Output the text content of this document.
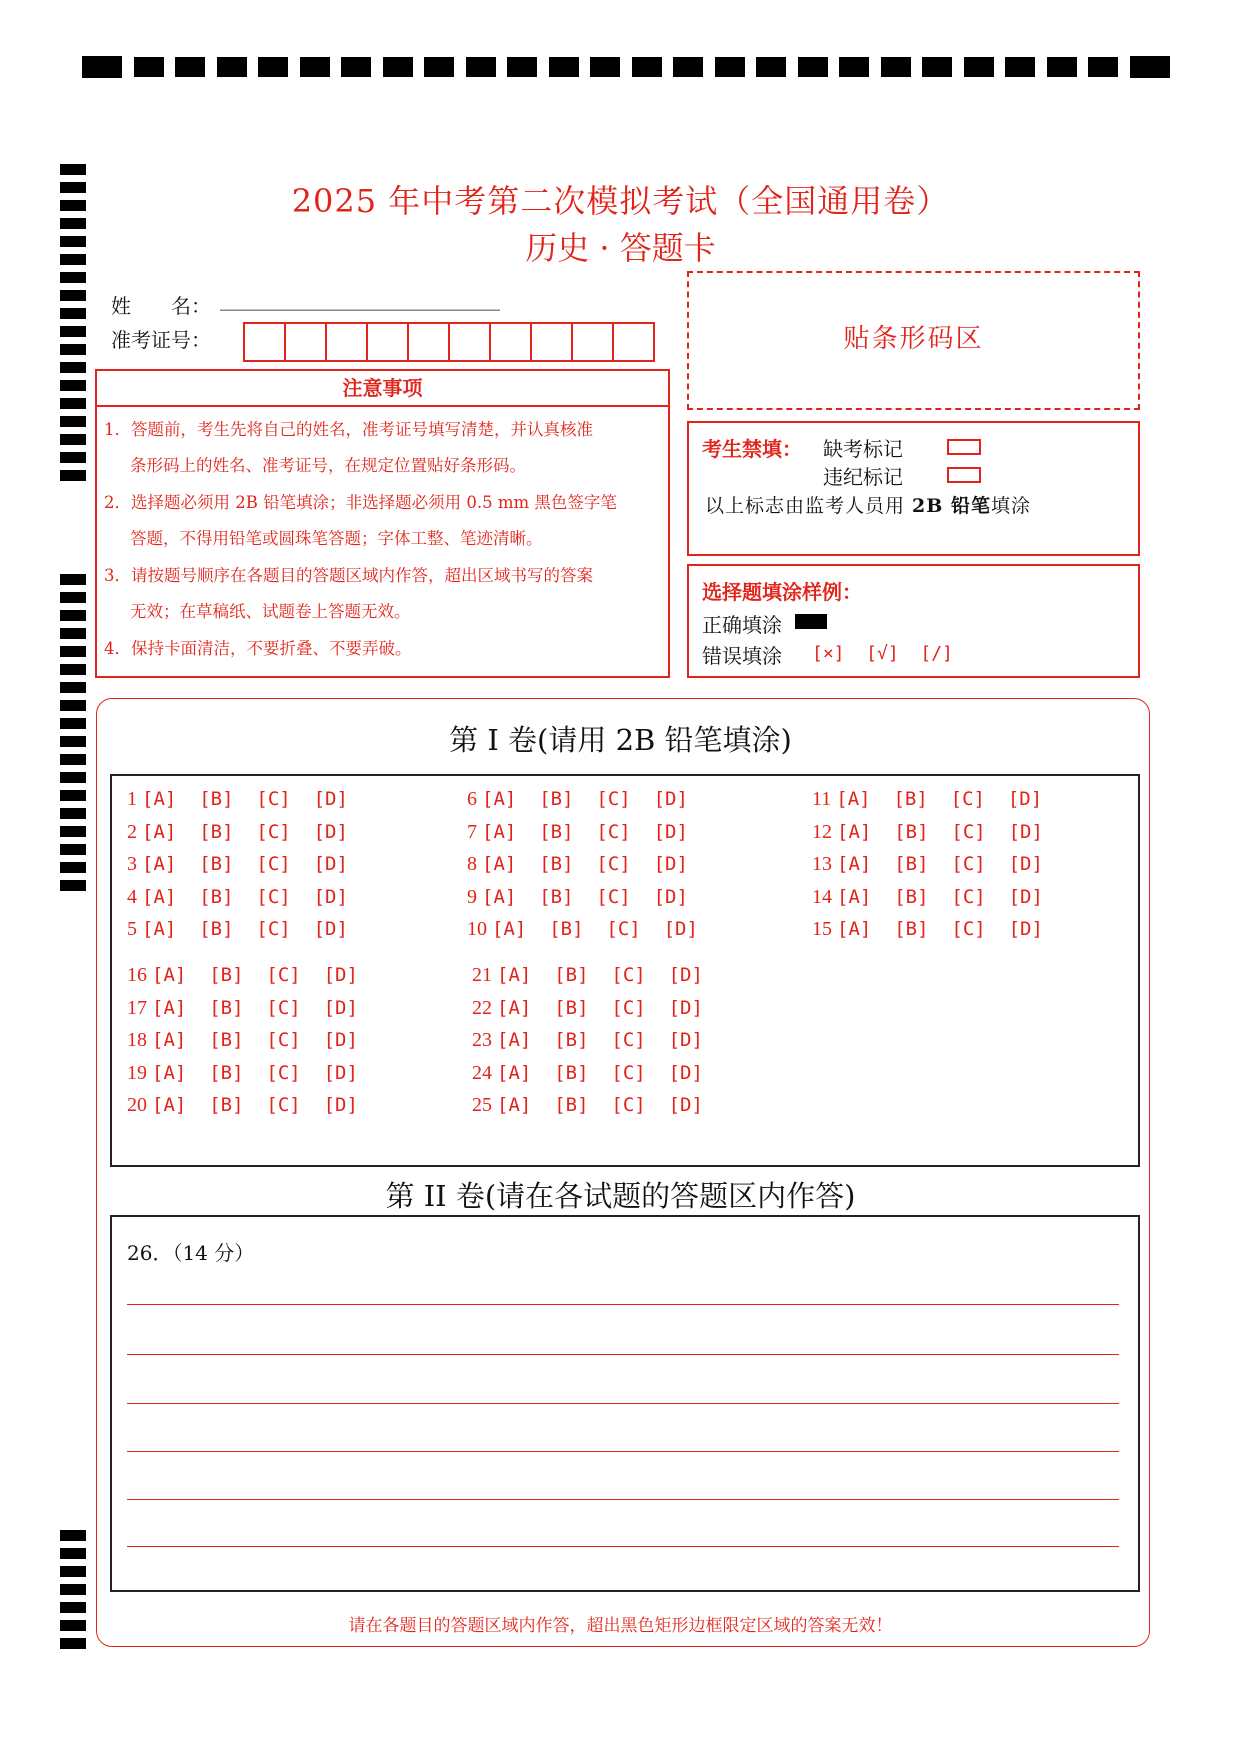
2025 年中考第二次模拟考试（全国通用卷）
历史 · 答题卡
姓　　名： ____________________________
准考证号：
注意事项
1．答题前，考生先将自己的姓名，准考证号填写清楚，并认真核准
条形码上的姓名、准考证号，在规定位置贴好条形码。
2．选择题必须用 2B 铅笔填涂；非选择题必须用 0.5 mm 黑色签字笔
答题，不得用铅笔或圆珠笔答题；字体工整、笔迹清晰。
3．请按题号顺序在各题目的答题区域内作答，超出区域书写的答案
无效；在草稿纸、试题卷上答题无效。
4．保持卡面清洁，不要折叠、不要弄破。
贴条形码区
考生禁填： 缺考标记
违纪标记
以上标志由监考人员用 2B 铅笔填涂
选择题填涂样例：
正确填涂
错误填涂 [×]  [√]  [/]
第 I 卷(请用 2B 铅笔填涂)
1 [A]  [B]  [C]  [D]
2 [A]  [B]  [C]  [D]
3 [A]  [B]  [C]  [D]
4 [A]  [B]  [C]  [D]
5 [A]  [B]  [C]  [D]
6 [A]  [B]  [C]  [D]
7 [A]  [B]  [C]  [D]
8 [A]  [B]  [C]  [D]
9 [A]  [B]  [C]  [D]
10 [A]  [B]  [C]  [D]
11 [A]  [B]  [C]  [D]
12 [A]  [B]  [C]  [D]
13 [A]  [B]  [C]  [D]
14 [A]  [B]  [C]  [D]
15 [A]  [B]  [C]  [D]
16 [A]  [B]  [C]  [D]
17 [A]  [B]  [C]  [D]
18 [A]  [B]  [C]  [D]
19 [A]  [B]  [C]  [D]
20 [A]  [B]  [C]  [D]
21 [A]  [B]  [C]  [D]
22 [A]  [B]  [C]  [D]
23 [A]  [B]  [C]  [D]
24 [A]  [B]  [C]  [D]
25 [A]  [B]  [C]  [D]
第 II 卷(请在各试题的答题区内作答)
26．（14 分）
请在各题目的答题区域内作答，超出黑色矩形边框限定区域的答案无效！
